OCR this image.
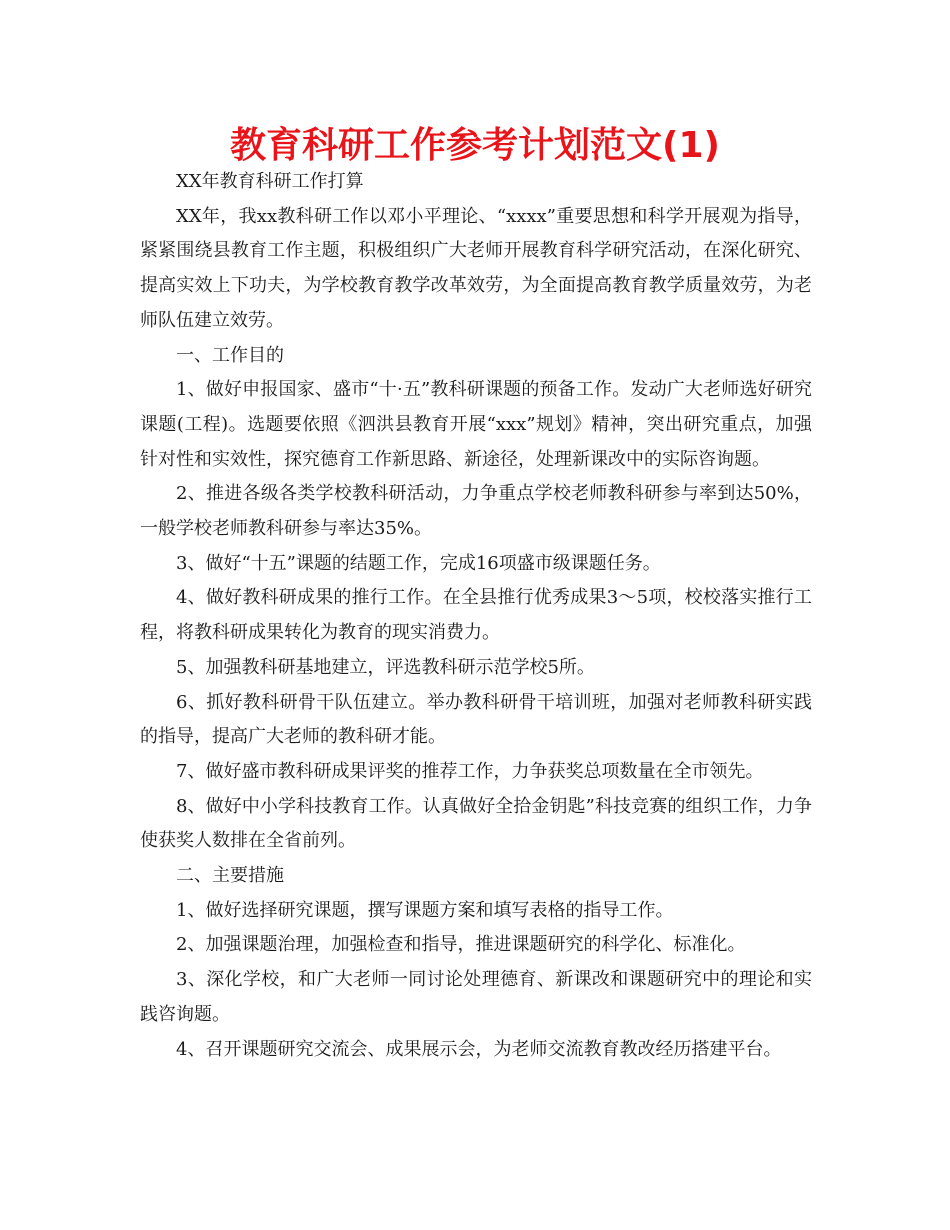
教育科研工作参考计划范文(1)

XX年教育科研工作打算

XX年，我xx教科研工作以邓小平理论、“xxxx”重要思想和科学开展观为指导，紧紧围绕县教育工作主题，积极组织广大老师开展教育科学研究活动，在深化研究、提高实效上下功夫，为学校教育教学改革效劳，为全面提高教育教学质量效劳，为老师队伍建立效劳。

一、工作目的

1、做好申报国家、盛市“十·五”教科研课题的预备工作。发动广大老师选好研究课题(工程)。选题要依照《泗洪县教育开展“xxx”规划》精神，突出研究重点，加强针对性和实效性，探究德育工作新思路、新途径，处理新课改中的实际咨询题。

2、推进各级各类学校教科研活动，力争重点学校老师教科研参与率到达50%，一般学校老师教科研参与率达35%。

3、做好“十五”课题的结题工作，完成16项盛市级课题任务。

4、做好教科研成果的推行工作。在全县推行优秀成果3～5项，校校落实推行工程，将教科研成果转化为教育的现实消费力。

5、加强教科研基地建立，评选教科研示范学校5所。

6、抓好教科研骨干队伍建立。举办教科研骨干培训班，加强对老师教科研实践的指导，提高广大老师的教科研才能。

7、做好盛市教科研成果评奖的推荐工作，力争获奖总项数量在全市领先。

8、做好中小学科技教育工作。认真做好全拾金钥匙”科技竞赛的组织工作，力争使获奖人数排在全省前列。

二、主要措施

1、做好选择研究课题，撰写课题方案和填写表格的指导工作。

2、加强课题治理，加强检查和指导，推进课题研究的科学化、标准化。

3、深化学校，和广大老师一同讨论处理德育、新课改和课题研究中的理论和实践咨询题。

4、召开课题研究交流会、成果展示会，为老师交流教育教改经历搭建平台。
